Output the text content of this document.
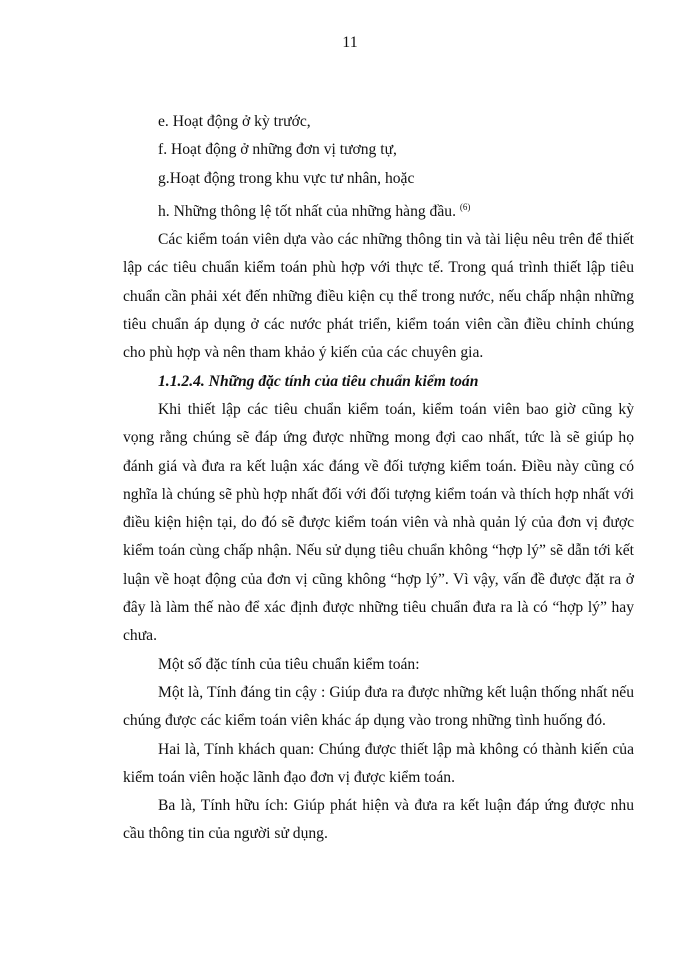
11

e. Hoạt động ở kỳ trước,

f. Hoạt động ở những đơn vị tương tự,

g.Hoạt động trong khu vực tư nhân, hoặc

h. Những thông lệ tốt nhất của những hàng đầu. $^{(6)}$

Các kiểm toán viên dựa vào các những thông tin và tài liệu nêu trên để thiết lập các tiêu chuẩn kiểm toán phù hợp với thực tế. Trong quá trình thiết lập tiêu chuẩn cần phải xét đến những điều kiện cụ thể trong nước, nếu chấp nhận những tiêu chuẩn áp dụng ở các nước phát triển, kiểm toán viên cần điều chỉnh chúng cho phù hợp và nên tham khảo ý kiến của các chuyên gia.

1.1.2.4. Những đặc tính của tiêu chuẩn kiểm toán

Khi thiết lập các tiêu chuẩn kiểm toán, kiểm toán viên bao giờ cũng kỳ vọng rằng chúng sẽ đáp ứng được những mong đợi cao nhất, tức là sẽ giúp họ đánh giá và đưa ra kết luận xác đáng về đối tượng kiểm toán. Điều này cũng có nghĩa là chúng sẽ phù hợp nhất đối với đối tượng kiểm toán và thích hợp nhất với điều kiện hiện tại, do đó sẽ được kiểm toán viên và nhà quản lý của đơn vị được kiểm toán cùng chấp nhận. Nếu sử dụng tiêu chuẩn không “hợp lý” sẽ dẫn tới kết luận về hoạt động của đơn vị cũng không “hợp lý”. Vì vậy, vấn đề được đặt ra ở đây là làm thế nào để xác định được những tiêu chuẩn đưa ra là có “hợp lý” hay chưa.

Một số đặc tính của tiêu chuẩn kiểm toán:

Một là, Tính đáng tin cậy : Giúp đưa ra được những kết luận thống nhất nếu chúng được các kiểm toán viên khác áp dụng vào trong những tình huống đó.

Hai là, Tính khách quan: Chúng được thiết lập mà không có thành kiến của kiểm toán viên hoặc lãnh đạo đơn vị được kiểm toán.

Ba là, Tính hữu ích: Giúp phát hiện và đưa ra kết luận đáp ứng được nhu cầu thông tin của người sử dụng.
